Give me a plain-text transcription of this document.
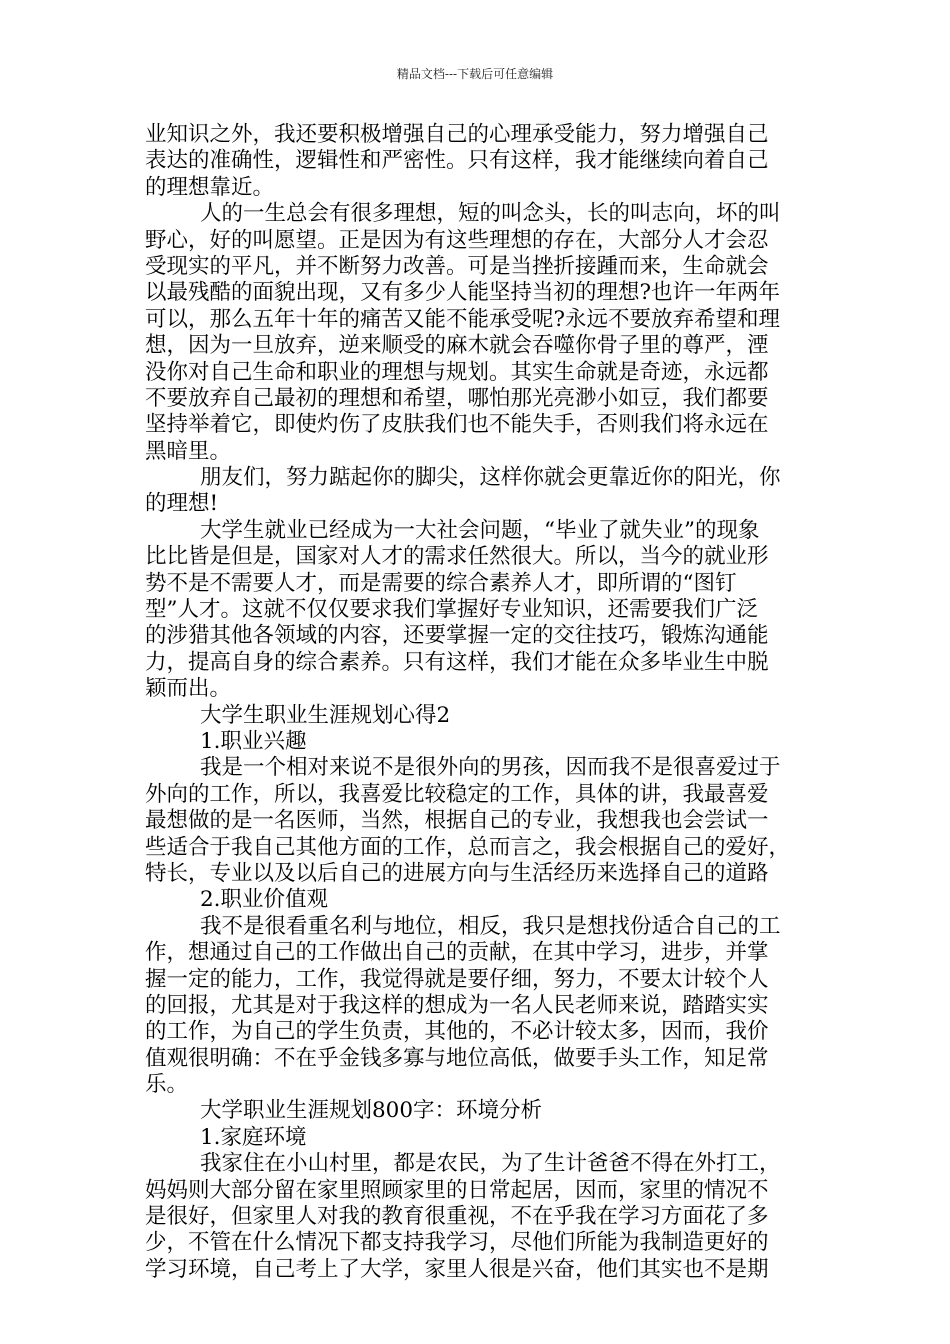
精品文档---下载后可任意编辑
业知识之外，我还要积极增强自己的心理承受能力，努力增强自己
表达的准确性，逻辑性和严密性。只有这样，我才能继续向着自己
的理想靠近。
人的一生总会有很多理想，短的叫念头，长的叫志向，坏的叫
野心，好的叫愿望。正是因为有这些理想的存在，大部分人才会忍
受现实的平凡，并不断努力改善。可是当挫折接踵而来，生命就会
以最残酷的面貌出现，又有多少人能坚持当初的理想?也许一年两年
可以，那么五年十年的痛苦又能不能承受呢?永远不要放弃希望和理
想，因为一旦放弃，逆来顺受的麻木就会吞噬你骨子里的尊严，湮
没你对自己生命和职业的理想与规划。其实生命就是奇迹，永远都
不要放弃自己最初的理想和希望，哪怕那光亮渺小如豆，我们都要
坚持举着它，即使灼伤了皮肤我们也不能失手，否则我们将永远在
黑暗里。
朋友们，努力踮起你的脚尖，这样你就会更靠近你的阳光，你
的理想!
大学生就业已经成为一大社会问题，“毕业了就失业”的现象
比比皆是但是，国家对人才的需求任然很大。所以，当今的就业形
势不是不需要人才，而是需要的综合素养人才，即所谓的“图钉
型”人才。这就不仅仅要求我们掌握好专业知识，还需要我们广泛
的涉猎其他各领域的内容，还要掌握一定的交往技巧，锻炼沟通能
力，提高自身的综合素养。只有这样，我们才能在众多毕业生中脱
颖而出。
大学生职业生涯规划心得2
1.职业兴趣
我是一个相对来说不是很外向的男孩，因而我不是很喜爱过于
外向的工作，所以，我喜爱比较稳定的工作，具体的讲，我最喜爱
最想做的是一名医师，当然，根据自己的专业，我想我也会尝试一
些适合于我自己其他方面的工作，总而言之，我会根据自己的爱好，
特长，专业以及以后自己的进展方向与生活经历来选择自己的道路
2.职业价值观
我不是很看重名利与地位，相反，我只是想找份适合自己的工
作，想通过自己的工作做出自己的贡献，在其中学习，进步，并掌
握一定的能力，工作，我觉得就是要仔细，努力，不要太计较个人
的回报，尤其是对于我这样的想成为一名人民老师来说，踏踏实实
的工作，为自己的学生负责，其他的，不必计较太多，因而，我价
值观很明确：不在乎金钱多寡与地位高低，做要手头工作，知足常
乐。
大学职业生涯规划800字：环境分析
1.家庭环境
我家住在小山村里，都是农民，为了生计爸爸不得在外打工，
妈妈则大部分留在家里照顾家里的日常起居，因而，家里的情况不
是很好，但家里人对我的教育很重视，不在乎我在学习方面花了多
少，不管在什么情况下都支持我学习，尽他们所能为我制造更好的
学习环境，自己考上了大学，家里人很是兴奋，他们其实也不是期
